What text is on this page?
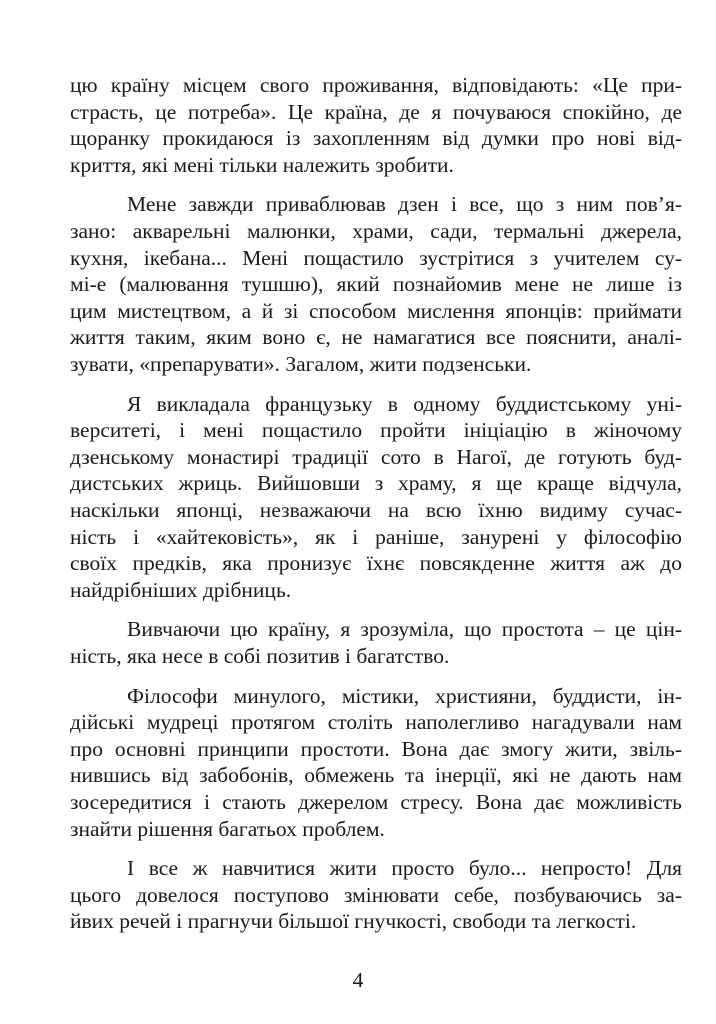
цю країну місцем свого проживання, відповідають: «Це при-
страсть, це потреба». Це країна, де я почуваюся спокійно, де
щоранку прокидаюся із захопленням від думки про нові від-
криття, які мені тільки належить зробити.
Мене завжди приваблював дзен і все, що з ним пов’я-
зано: акварельні малюнки, храми, сади, термальні джерела,
кухня, ікебана... Мені пощастило зустрітися з учителем су-
мі-е (малювання тушшю), який познайомив мене не лише із
цим мистецтвом, а й зі способом мислення японців: приймати
життя таким, яким воно є, не намагатися все пояснити, аналі-
зувати, «препарувати». Загалом, жити подзенськи.
Я викладала французьку в одному буддистському уні-
верситеті, і мені пощастило пройти ініціацію в жіночому
дзенському монастирі традиції сото в Нагої, де готують буд-
дистських жриць. Вийшовши з храму, я ще краще відчула,
наскільки японці, незважаючи на всю їхню видиму сучас-
ність і «хайтековість», як і раніше, занурені у філософію
своїх предків, яка пронизує їхнє повсякденне життя аж до
найдрібніших дрібниць.
Вивчаючи цю країну, я зрозуміла, що простота – це цін-
ність, яка несе в собі позитив і багатство.
Філософи минулого, містики, християни, буддисти, ін-
дійські мудреці протягом століть наполегливо нагадували нам
про основні принципи простоти. Вона дає змогу жити, звіль-
нившись від забобонів, обмежень та інерції, які не дають нам
зосередитися і стають джерелом стресу. Вона дає можливість
знайти рішення багатьох проблем.
І все ж навчитися жити просто було... непросто! Для
цього довелося поступово змінювати себе, позбуваючись за-
йвих речей і прагнучи більшої гнучкості, свободи та легкості.
4
